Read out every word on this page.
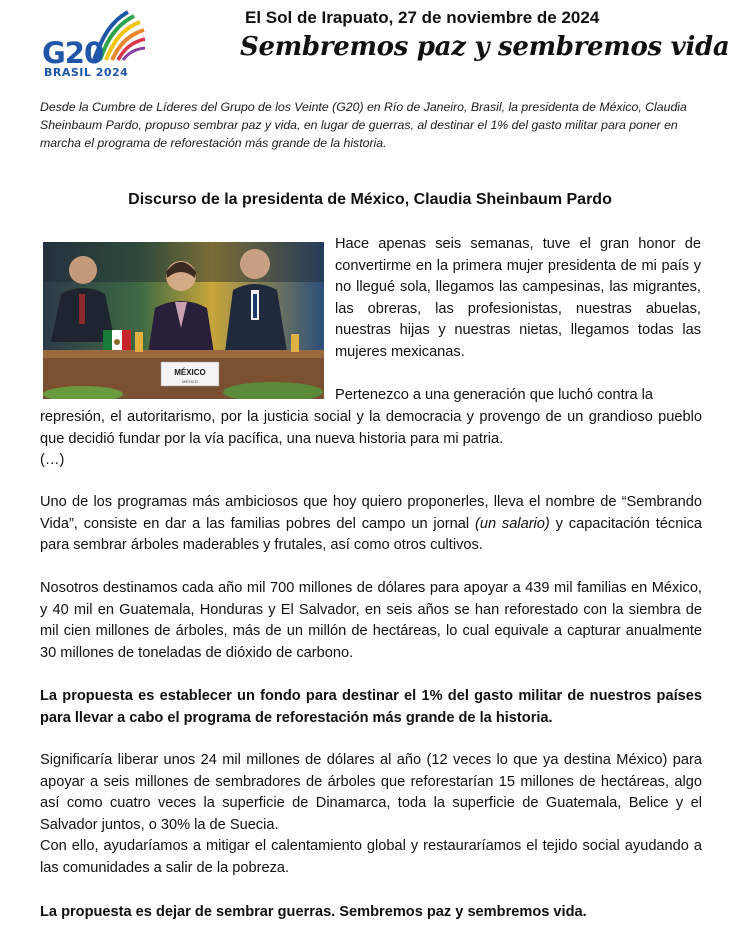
G20
BRASIL 2024
El Sol de Irapuato, 27 de noviembre de 2024
Sembremos paz y sembremos vida
Desde la Cumbre de Líderes del Grupo de los Veinte (G20) en Río de Janeiro, Brasil, la presidenta de México, Claudia Sheinbaum Pardo, propuso sembrar paz y vida, en lugar de guerras, al destinar el 1% del gasto militar para poner en marcha el programa de reforestación más grande de la historia.
Discurso de la presidenta de México, Claudia Sheinbaum Pardo
MÉXICO
MEXICO

Hace apenas seis semanas, tuve el gran honor de convertirme en la primera mujer presidenta de mi país y no llegué sola, llegamos las campesinas, las migrantes, las obreras, las profesionistas, nuestras abuelas, nuestras hijas y nuestras nietas, llegamos todas las mujeres mexicanas.

Pertenezco a una generación que luchó contra la

represión, el autoritarismo, por la justicia social y la democracia y provengo de un grandioso pueblo que decidió fundar por la vía pacífica, una nueva historia para mi patria.

(…)

Uno de los programas más ambiciosos que hoy quiero proponerles, lleva el nombre de “Sembrando Vida”, consiste en dar a las familias pobres del campo un jornal (un salario) y capacitación técnica para sembrar árboles maderables y frutales, así como otros cultivos.

Nosotros destinamos cada año mil 700 millones de dólares para apoyar a 439 mil familias en México, y 40 mil en Guatemala, Honduras y El Salvador, en seis años se han reforestado con la siembra de mil cien millones de árboles, más de un millón de hectáreas, lo cual equivale a capturar anualmente 30 millones de toneladas de dióxido de carbono.

La propuesta es establecer un fondo para destinar el 1% del gasto militar de nuestros países para llevar a cabo el programa de reforestación más grande de la historia.

Significaría liberar unos 24 mil millones de dólares al año (12 veces lo que ya destina México) para apoyar a seis millones de sembradores de árboles que reforestarían 15 millones de hectáreas, algo así como cuatro veces la superficie de Dinamarca, toda la superficie de Guatemala, Belice y el Salvador juntos, o 30% la de Suecia.

Con ello, ayudaríamos a mitigar el calentamiento global y restauraríamos el tejido social ayudando a las comunidades a salir de la pobreza.

La propuesta es dejar de sembrar guerras. Sembremos paz y sembremos vida.
